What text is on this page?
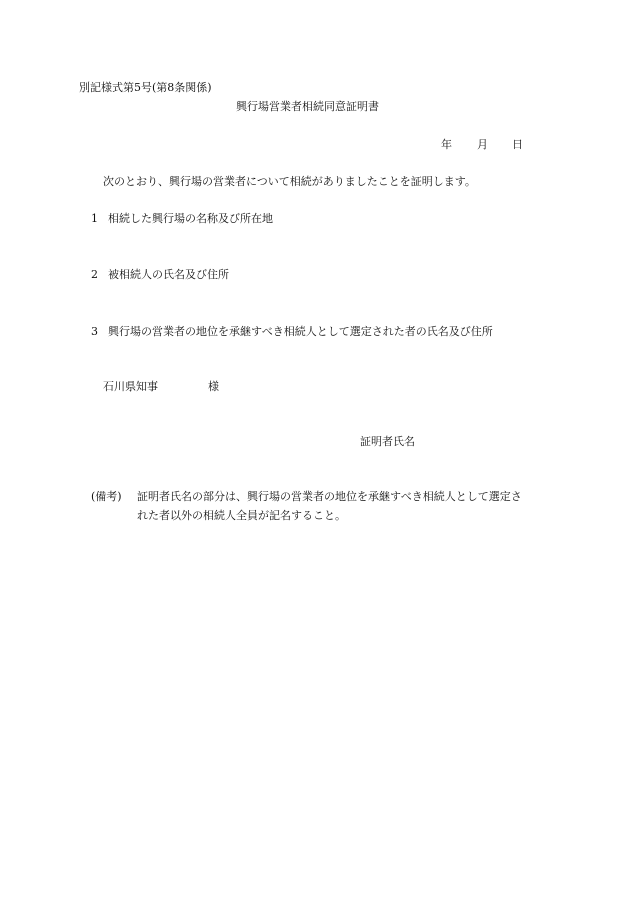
別記様式第5号(第8条関係)
興行場営業者相続同意証明書
年 月 日
次のとおり、興行場の営業者について相続がありましたことを証明します。
1 相続した興行場の名称及び所在地
2 被相続人の氏名及び住所
3 興行場の営業者の地位を承継すべき相続人として選定された者の氏名及び住所
石川県知事	様
証明者氏名
(備考) 証明者氏名の部分は、興行場の営業者の地位を承継すべき相続人として選定さ
れた者以外の相続人全員が記名すること。
